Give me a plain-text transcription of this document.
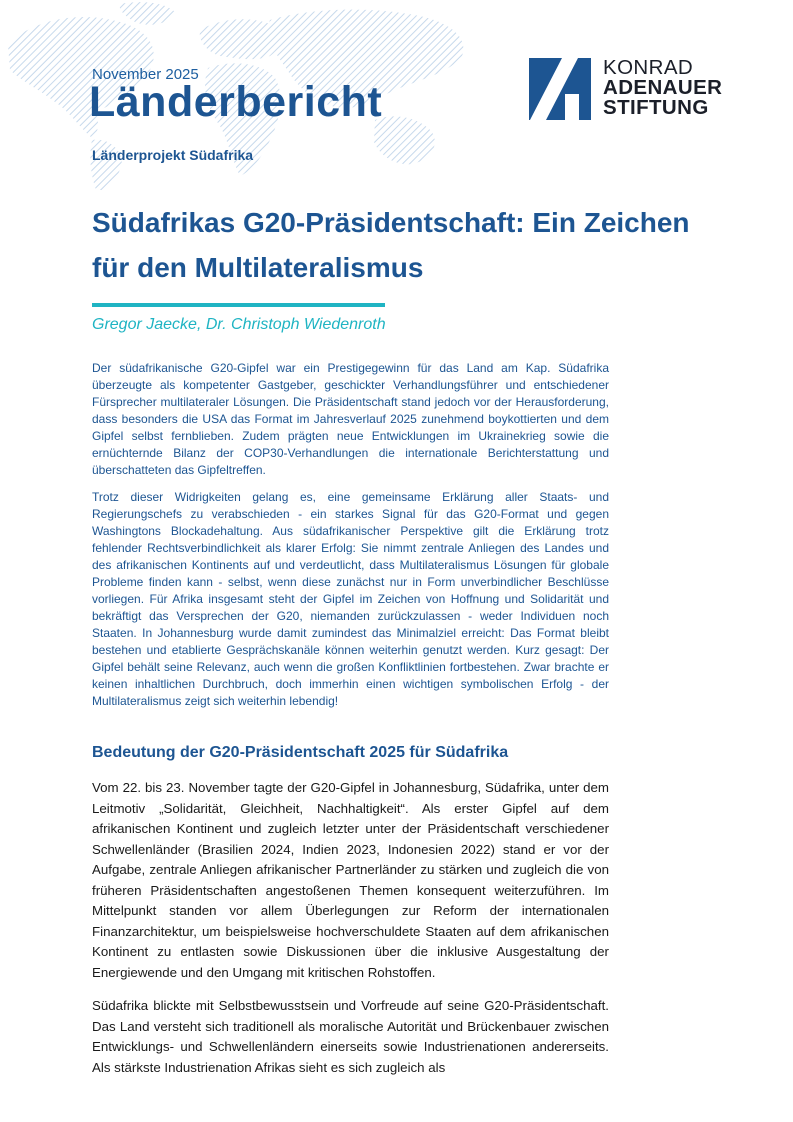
November 2025
Länderbericht
Länderprojekt Südafrika
KONRAD
ADENAUER
STIFTUNG
Südafrikas G20-Präsidentschaft: Ein Zeichen für den Multilateralismus
Gregor Jaecke, Dr. Christoph Wiedenroth

Der südafrikanische G20-Gipfel war ein Prestigegewinn für das Land am Kap. Südafrika überzeugte als kompetenter Gastgeber, geschickter Verhandlungsführer und entschiedener Fürsprecher multilateraler Lösungen. Die Präsidentschaft stand jedoch vor der Herausforderung, dass besonders die USA das Format im Jahresverlauf 2025 zunehmend boykottierten und dem Gipfel selbst fernblieben. Zudem prägten neue Entwicklungen im Ukrainekrieg sowie die ernüchternde Bilanz der COP30-Verhandlungen die internationale Berichterstattung und überschatteten das Gipfeltreffen.

Trotz dieser Widrigkeiten gelang es, eine gemeinsame Erklärung aller Staats- und Regierungschefs zu verabschieden - ein starkes Signal für das G20-Format und gegen Washingtons Blockadehaltung. Aus südafrikanischer Perspektive gilt die Erklärung trotz fehlender Rechtsverbindlichkeit als klarer Erfolg: Sie nimmt zentrale Anliegen des Landes und des afrikanischen Kontinents auf und verdeutlicht, dass Multilateralismus Lösungen für globale Probleme finden kann - selbst, wenn diese zunächst nur in Form unverbindlicher Beschlüsse vorliegen. Für Afrika insgesamt steht der Gipfel im Zeichen von Hoffnung und Solidarität und bekräftigt das Versprechen der G20, niemanden zurückzulassen - weder Individuen noch Staaten. In Johannesburg wurde damit zumindest das Minimalziel erreicht: Das Format bleibt bestehen und etablierte Gesprächskanäle können weiterhin genutzt werden. Kurz gesagt: Der Gipfel behält seine Relevanz, auch wenn die großen Konfliktlinien fortbestehen. Zwar brachte er keinen inhaltlichen Durchbruch, doch immerhin einen wichtigen symbolischen Erfolg - der Multilateralismus zeigt sich weiterhin lebendig!

Bedeutung der G20-Präsidentschaft 2025 für Südafrika

Vom 22. bis 23. November tagte der G20-Gipfel in Johannesburg, Südafrika, unter dem Leitmotiv „Solidarität, Gleichheit, Nachhaltigkeit“. Als erster Gipfel auf dem afrikanischen Kontinent und zugleich letzter unter der Präsidentschaft verschiedener Schwellenländer (Brasilien 2024, Indien 2023, Indonesien 2022) stand er vor der Aufgabe, zentrale Anliegen afrikanischer Partnerländer zu stärken und zugleich die von früheren Präsidentschaften angestoßenen Themen konsequent weiterzuführen. Im Mittelpunkt standen vor allem Überlegungen zur Reform der internationalen Finanzarchitektur, um beispielsweise hochverschuldete Staaten auf dem afrikanischen Kontinent zu entlasten sowie Diskussionen über die inklusive Ausgestaltung der Energiewende und den Umgang mit kritischen Rohstoffen.

Südafrika blickte mit Selbstbewusstsein und Vorfreude auf seine G20-Präsidentschaft. Das Land versteht sich traditionell als moralische Autorität und Brückenbauer zwischen Entwicklungs- und Schwellenländern einerseits sowie Industrienationen andererseits. Als stärkste Industrienation Afrikas sieht es sich zugleich als
